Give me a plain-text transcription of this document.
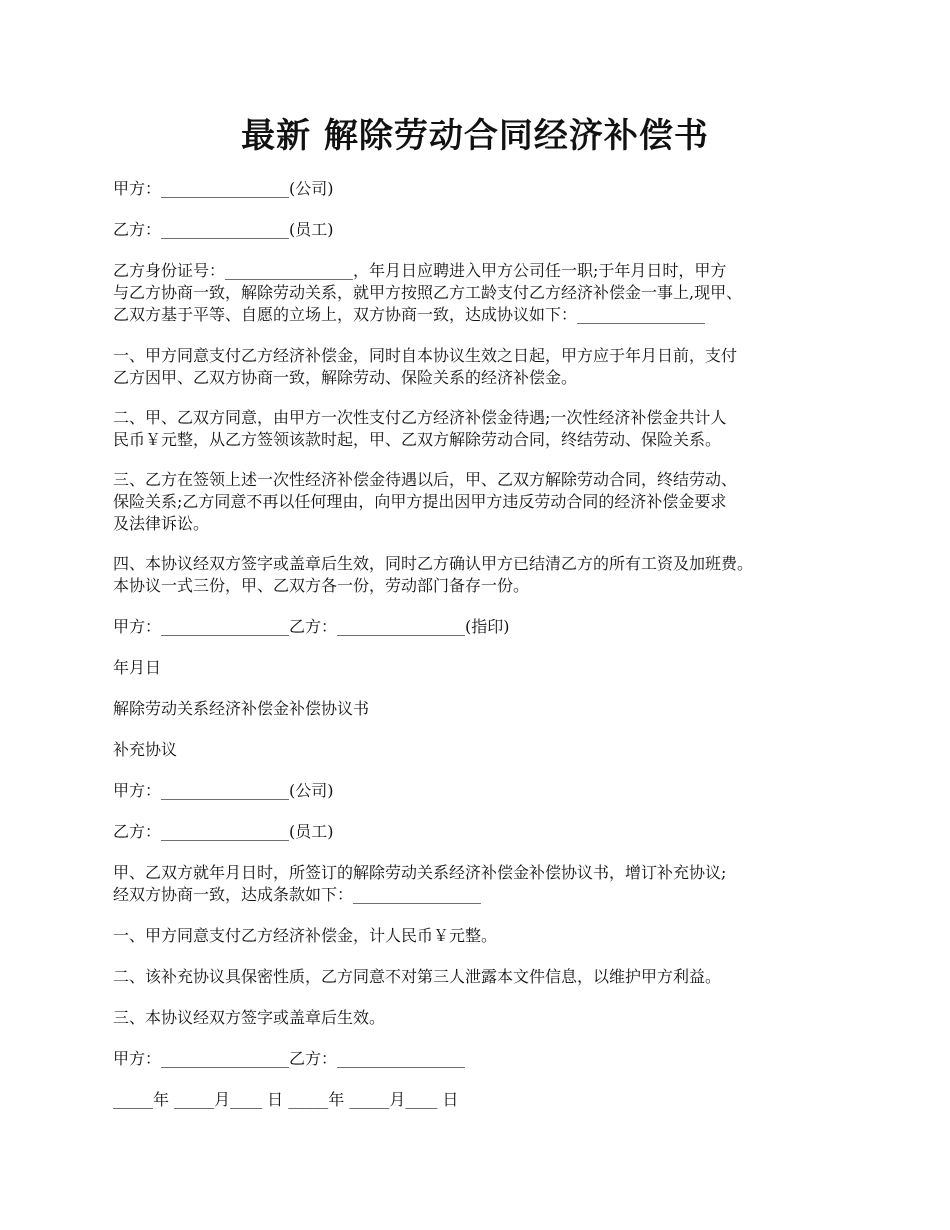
最新 解除劳动合同经济补偿书

甲方：________________(公司)

乙方：________________(员工)

乙方身份证号：________________，年月日应聘进入甲方公司任一职;于年月日时，甲方
与乙方协商一致，解除劳动关系，就甲方按照乙方工龄支付乙方经济补偿金一事上,现甲、
乙双方基于平等、自愿的立场上，双方协商一致，达成协议如下：________________

一、甲方同意支付乙方经济补偿金，同时自本协议生效之日起，甲方应于年月日前，支付
乙方因甲、乙双方协商一致，解除劳动、保险关系的经济补偿金。

二、甲、乙双方同意，由甲方一次性支付乙方经济补偿金待遇;一次性经济补偿金共计人
民币￥元整，从乙方签领该款时起，甲、乙双方解除劳动合同，终结劳动、保险关系。

三、乙方在签领上述一次性经济补偿金待遇以后，甲、乙双方解除劳动合同，终结劳动、
保险关系;乙方同意不再以任何理由，向甲方提出因甲方违反劳动合同的经济补偿金要求
及法律诉讼。

四、本协议经双方签字或盖章后生效，同时乙方确认甲方已结清乙方的所有工资及加班费。
本协议一式三份，甲、乙双方各一份，劳动部门备存一份。

甲方：________________乙方：________________(指印)

年月日

解除劳动关系经济补偿金补偿协议书

补充协议

甲方：________________(公司)

乙方：________________(员工)

甲、乙双方就年月日时，所签订的解除劳动关系经济补偿金补偿协议书，增订补充协议;
经双方协商一致，达成条款如下：________________

一、甲方同意支付乙方经济补偿金，计人民币￥元整。

二、该补充协议具保密性质，乙方同意不对第三人泄露本文件信息，以维护甲方利益。

三、本协议经双方签字或盖章后生效。

甲方：________________乙方：________________

_____年 _____月____ 日 _____年 _____月____ 日
